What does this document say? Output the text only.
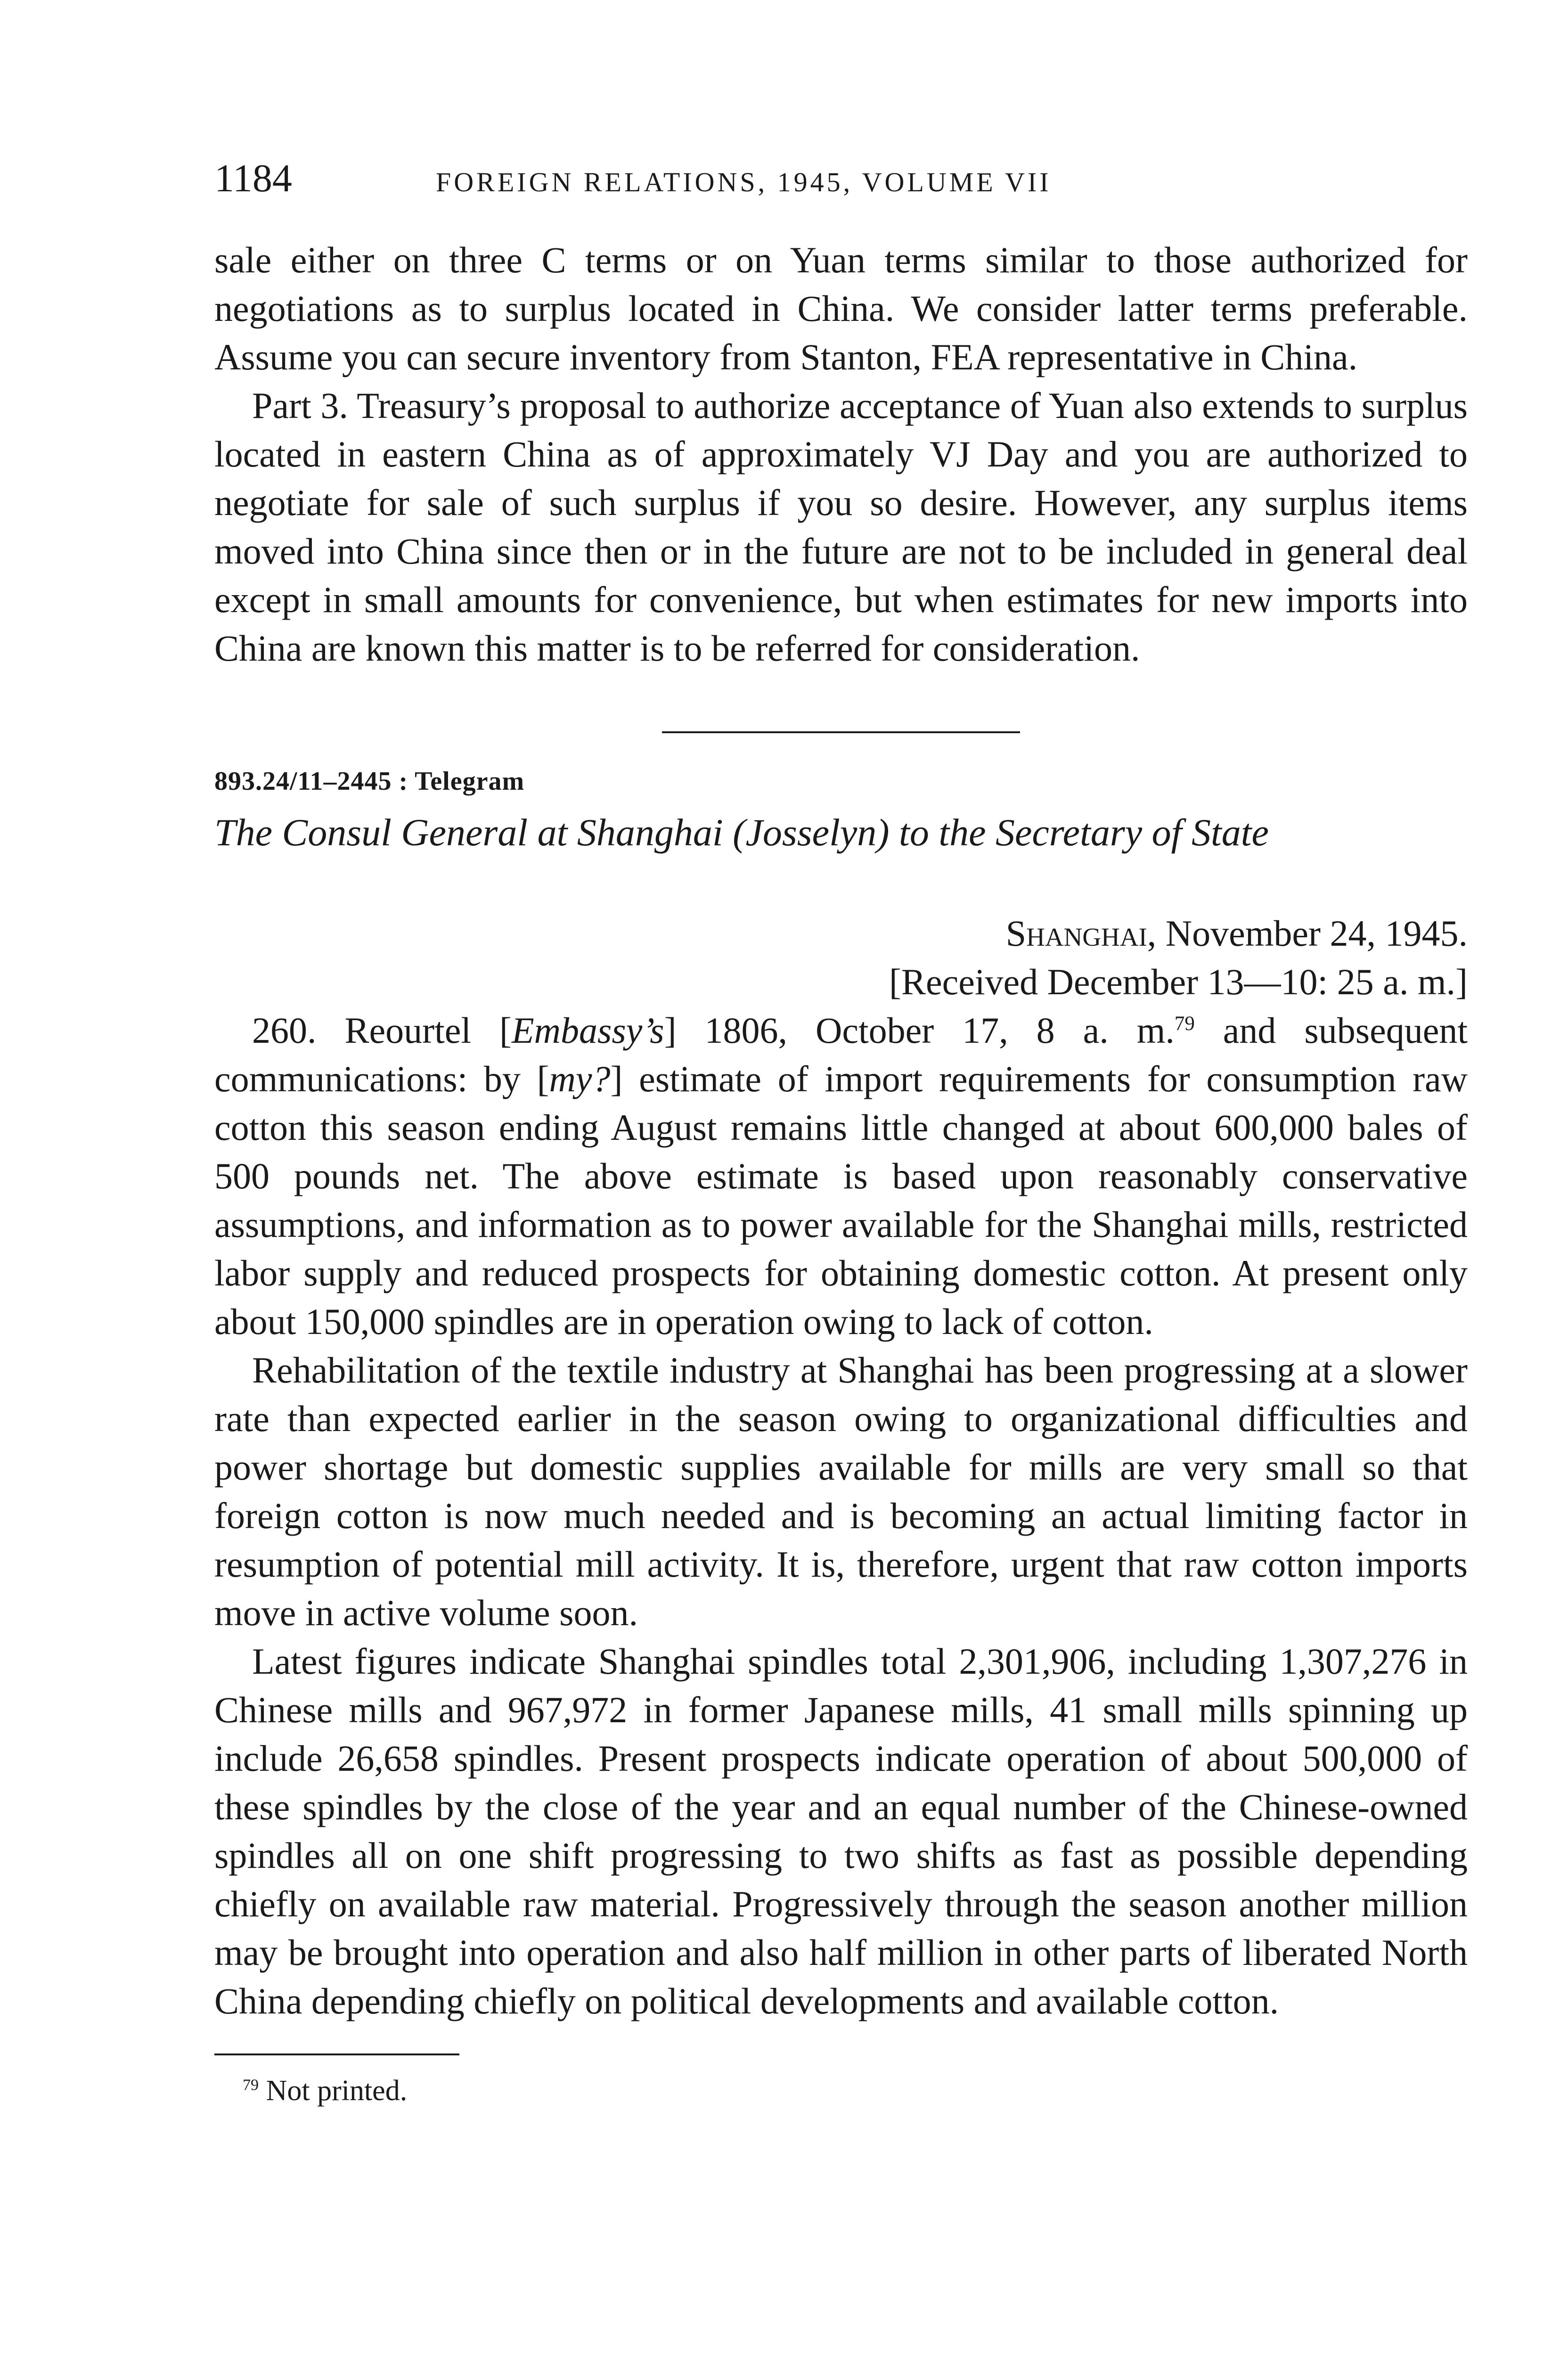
1184	FOREIGN RELATIONS, 1945, VOLUME VII

sale either on three C terms or on Yuan terms similar to those authorized for negotiations as to surplus located in China. We consider latter terms preferable. Assume you can secure inventory from Stanton, FEA representative in China.

Part 3. Treasury’s proposal to authorize acceptance of Yuan also extends to surplus located in eastern China as of approximately VJ Day and you are authorized to negotiate for sale of such surplus if you so desire. However, any surplus items moved into China since then or in the future are not to be included in general deal except in small amounts for convenience, but when estimates for new imports into China are known this matter is to be referred for consideration.

893.24/11–2445 : Telegram

The Consul General at Shanghai (Josselyn) to the Secretary of State

Shanghai, November 24, 1945.
[Received December 13—10: 25 a. m.]

260. Reourtel [Embassy’s] 1806, October 17, 8 a. m.$^{79}$ and subsequent communications: by [my?] estimate of import requirements for consumption raw cotton this season ending August remains little changed at about 600,000 bales of 500 pounds net. The above estimate is based upon reasonably conservative assumptions, and information as to power available for the Shanghai mills, restricted labor supply and reduced prospects for obtaining domestic cotton. At present only about 150,000 spindles are in operation owing to lack of cotton.

Rehabilitation of the textile industry at Shanghai has been progressing at a slower rate than expected earlier in the season owing to organizational difficulties and power shortage but domestic supplies available for mills are very small so that foreign cotton is now much needed and is becoming an actual limiting factor in resumption of potential mill activity. It is, therefore, urgent that raw cotton imports move in active volume soon.

Latest figures indicate Shanghai spindles total 2,301,906, including 1,307,276 in Chinese mills and 967,972 in former Japanese mills, 41 small mills spinning up include 26,658 spindles. Present prospects indicate operation of about 500,000 of these spindles by the close of the year and an equal number of the Chinese-owned spindles all on one shift progressing to two shifts as fast as possible depending chiefly on available raw material. Progressively through the season another million may be brought into operation and also half million in other parts of liberated North China depending chiefly on political developments and available cotton.

$^{79}$ Not printed.
